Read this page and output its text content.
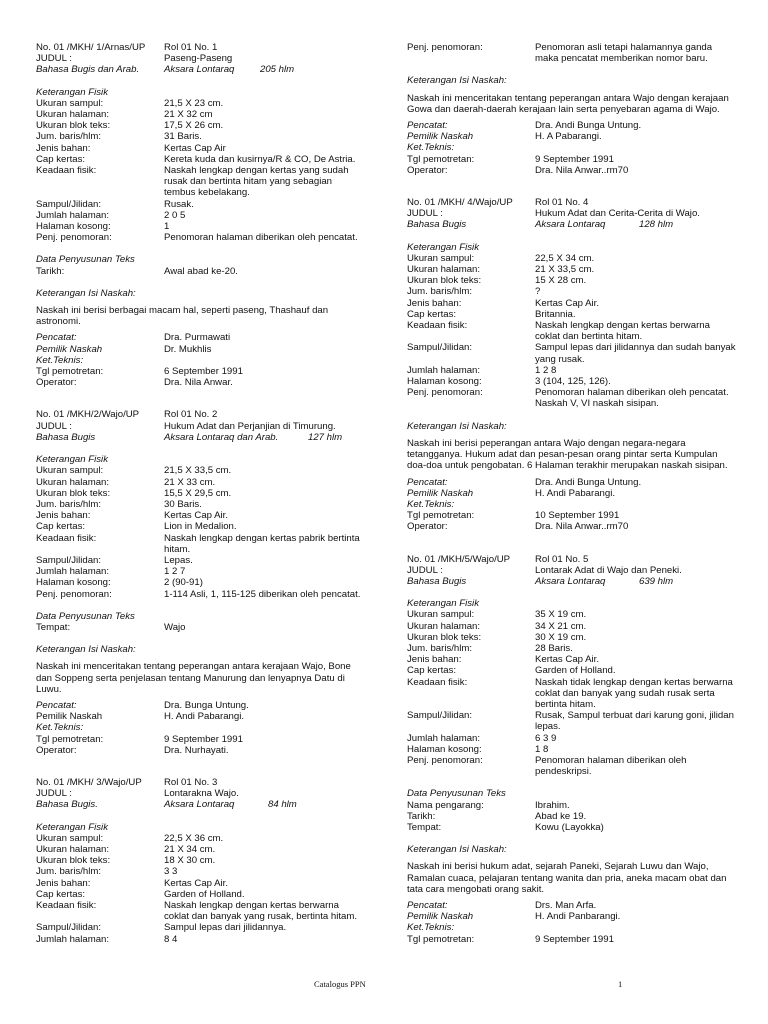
No. 01 /MKH/ 1/Arnas/UP	Rol 01 No. 1
JUDUL :	Paseng-Paseng
Bahasa Bugis dan Arab.	Aksara Lontaraq	205 hlm
Keterangan Fisik
Ukuran sampul:	21,5 X 23 cm.
Ukuran halaman:	21 X 32 cm
Ukuran blok teks:	17,5 X 26 cm.
Jum. baris/hlm:	31 Baris.
Jenis bahan:	Kertas Cap Air
Cap kertas:	Kereta kuda dan kusirnya/R & CO, De Astria.
Keadaan fisik:	Naskah lengkap dengan kertas yang sudah rusak dan bertinta hitam yang sebagian tembus kebelakang.
Sampul/Jilidan:	Rusak.
Jumlah halaman:	2 0 5
Halaman kosong:	1
Penj. penomoran:	Penomoran halaman diberikan oleh pencatat.
Data Penyusunan Teks
Tarikh:	Awal abad ke-20.
Keterangan Isi Naskah:
Naskah ini berisi berbagai macam hal, seperti paseng, Thashauf dan astronomi.
Pencatat:	Dra. Purmawati
Pemilik Naskah	Dr. Mukhlis
Ket.Teknis:
Tgl pemotretan:	6 September 1991
Operator:	Dra. Nila Anwar.
No. 01 /MKH/2/Wajo/UP	Rol 01 No. 2
JUDUL :	Hukum Adat dan Perjanjian di Timurung.
Bahasa Bugis	Aksara Lontaraq dan Arab.	127 hlm
Keterangan Fisik
Ukuran sampul:	21,5 X 33,5 cm.
Ukuran halaman:	21 X 33 cm.
Ukuran blok teks:	15,5 X 29,5 cm.
Jum. baris/hlm:	30 Baris.
Jenis bahan:	Kertas Cap Air.
Cap kertas:	Lion in Medalion.
Keadaan fisik:	Naskah lengkap dengan kertas pabrik bertinta hitam.
Sampul/Jilidan:	Lepas.
Jumlah halaman:	1 2 7
Halaman kosong:	2 (90-91)
Penj. penomoran:	1-114 Asli, 1, 115-125 diberikan oleh pencatat.
Data Penyusunan Teks
Tempat:	Wajo
Keterangan Isi Naskah:
Naskah ini menceritakan tentang peperangan antara kerajaan Wajo, Bone dan Soppeng serta penjelasan tentang Manurung dan lenyapnya Datu di Luwu.
Pencatat:	Dra. Bunga Untung.
Pemilik Naskah	H. Andi Pabarangi.
Ket.Teknis:
Tgl pemotretan:	9 September 1991
Operator:	Dra. Nurhayati.
No. 01 /MKH/ 3/Wajo/UP	Rol 01 No. 3
JUDUL :	Lontarakna Wajo.
Bahasa Bugis.	Aksara Lontaraq	84 hlm
Keterangan Fisik
Ukuran sampul:	22,5 X 36 cm.
Ukuran halaman:	21 X 34 cm.
Ukuran blok teks:	18 X 30 cm.
Jum. baris/hlm:	3 3
Jenis bahan:	Kertas Cap Air.
Cap kertas:	Garden of Holland.
Keadaan fisik:	Naskah lengkap dengan kertas berwarna coklat dan banyak yang rusak, bertinta hitam.
Sampul/Jilidan:	Sampul lepas dari jilidannya.
Jumlah halaman:	8 4
Penj. penomoran:	Penomoran asli tetapi halamannya ganda maka pencatat memberikan nomor baru.
Keterangan Isi Naskah:
Naskah ini menceritakan tentang peperangan antara Wajo dengan kerajaan Gowa dan daerah-daerah kerajaan lain serta penyebaran agama di Wajo.
Pencatat:	Dra. Andi Bunga Untung.
Pemilik Naskah	H. A Pabarangi.
Ket.Teknis:
Tgl pemotretan:	9 September 1991
Operator:	Dra. Nila Anwar..rm70
No. 01 /MKH/ 4/Wajo/UP	Rol 01 No. 4
JUDUL :	Hukum Adat dan Cerita-Cerita di Wajo.
Bahasa Bugis	Aksara Lontaraq	128 hlm
Keterangan Fisik
Ukuran sampul:	22,5 X 34 cm.
Ukuran halaman:	21 X 33,5 cm.
Ukuran blok teks:	15 X 28 cm.
Jum. baris/hlm:	?
Jenis bahan:	Kertas Cap Air.
Cap kertas:	Britannia.
Keadaan fisik:	Naskah lengkap dengan kertas berwarna coklat dan bertinta hitam.
Sampul/Jilidan:	Sampul lepas dari jilidannya dan sudah banyak yang rusak.
Jumlah halaman:	1 2 8
Halaman kosong:	3 (104, 125, 126).
Penj. penomoran:	Penomoran halaman diberikan oleh pencatat. Naskah V, VI naskah sisipan.
Keterangan Isi Naskah:
Naskah ini berisi peperangan antara Wajo dengan negara-negara tetangganya. Hukum adat dan pesan-pesan orang pintar serta Kumpulan doa-doa untuk pengobatan. 6 Halaman terakhir merupakan naskah sisipan.
Pencatat:	Dra. Andi Bunga Untung.
Pemilik Naskah	H. Andi Pabarangi.
Ket.Teknis:
Tgl pemotretan:	10 September 1991
Operator:	Dra. Nila Anwar..rm70
No. 01 /MKH/5/Wajo/UP	Rol 01 No. 5
JUDUL :	Lontarak Adat di Wajo dan Peneki.
Bahasa Bugis	Aksara Lontaraq	639 hlm
Keterangan Fisik
Ukuran sampul:	35 X 19 cm.
Ukuran halaman:	34 X 21 cm.
Ukuran blok teks:	30 X 19 cm.
Jum. baris/hlm:	28 Baris.
Jenis bahan:	Kertas Cap Air.
Cap kertas:	Garden of Holland.
Keadaan fisik:	Naskah tidak lengkap dengan kertas berwarna coklat dan banyak yang sudah rusak serta bertinta hitam.
Sampul/Jilidan:	Rusak, Sampul terbuat dari karung goni, jilidan lepas.
Jumlah halaman:	6 3 9
Halaman kosong:	1 8
Penj. penomoran:	Penomoran halaman diberikan oleh pendeskripsi.
Data Penyusunan Teks
Nama pengarang:	Ibrahim.
Tarikh:	Abad ke 19.
Tempat:	Kowu (Layokka)
Keterangan Isi Naskah:
Naskah ini berisi hukum adat, sejarah Paneki, Sejarah Luwu dan Wajo, Ramalan cuaca, pelajaran tentang wanita dan pria, aneka macam obat dan tata cara mengobati orang sakit.
Pencatat:	Drs. Man Arfa.
Pemilik Naskah	H. Andi Panbarangi.
Ket.Teknis:
Tgl pemotretan:	9 September 1991
Catalogus PPN	1
